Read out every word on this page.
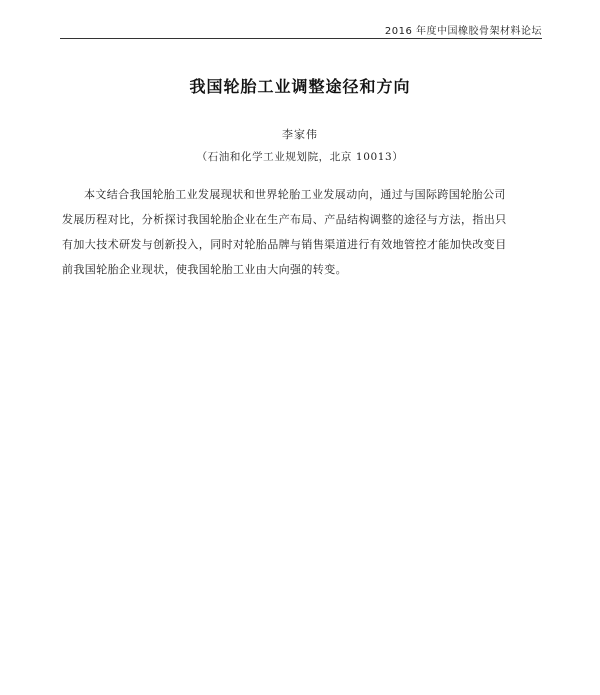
2016 年度中国橡胶骨架材料论坛
我国轮胎工业调整途径和方向
李家伟
（石油和化学工业规划院，北京 10013）

本文结合我国轮胎工业发展现状和世界轮胎工业发展动向，通过与国际跨国轮胎公司
发展历程对比，分析探讨我国轮胎企业在生产布局、产品结构调整的途径与方法，指出只
有加大技术研发与创新投入，同时对轮胎品牌与销售渠道进行有效地管控才能加快改变目
前我国轮胎企业现状，使我国轮胎工业由大向强的转变。
